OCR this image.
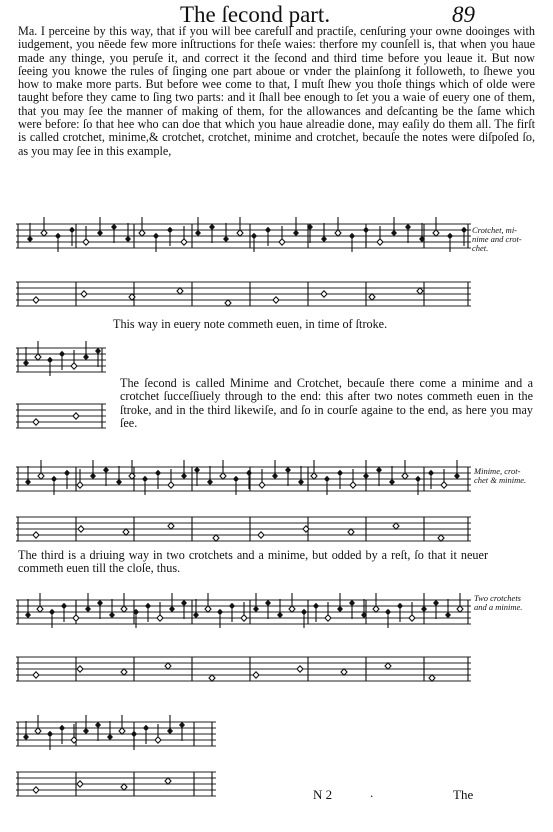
The ſecond part.	89
Ma. I perceine by this way, that if you will bee carefull and practiſe, cenſuring your owne dooinges with iudgement, you nēede few more inſtructions for theſe waies: therfore my counſell is, that when you haue made any thinge, you peruſe it, and correct it the ſecond and third time before you leaue it. But now ſeeing you knowe the rules of ſinging one part aboue or vnder the plainſong it followeth, to ſhewe you how to make more parts. But before wee come to that, I muſt ſhew you thoſe things which of olde were taught before they came to ſing two parts: and it ſhall bee enough to ſet you a waie of euery one of them, that you may ſee the manner of making of them, for the allowances and deſcanting be the ſame which were before: ſo that hee who can doe that which you haue alreadie done, may eaſily do them all. The firſt is called crotchet, minime,& crotchet, crotchet, minime and crotchet, becauſe the notes were diſpoſed ſo, as you may ſee in this example,
Crotchet, mi-
nime and crot-
chet.
This way in euery note commeth euen, in time of ſtroke.
The ſecond is called Minime and Crotchet, becauſe there come a minime and a crotchet ſucceſſiuely through to the end: this after two notes commeth euen in the ſtroke, and in the third likewiſe, and ſo in courſe againe to the end, as here you may ſee.
Minime, crot-
chet & minime.
The third is a driuing way in two crotchets and a minime, but odded by a reſt, ſo that it neuer commeth euen till the cloſe, thus.
Two crotchets
and a minime.
N 2	.	The
